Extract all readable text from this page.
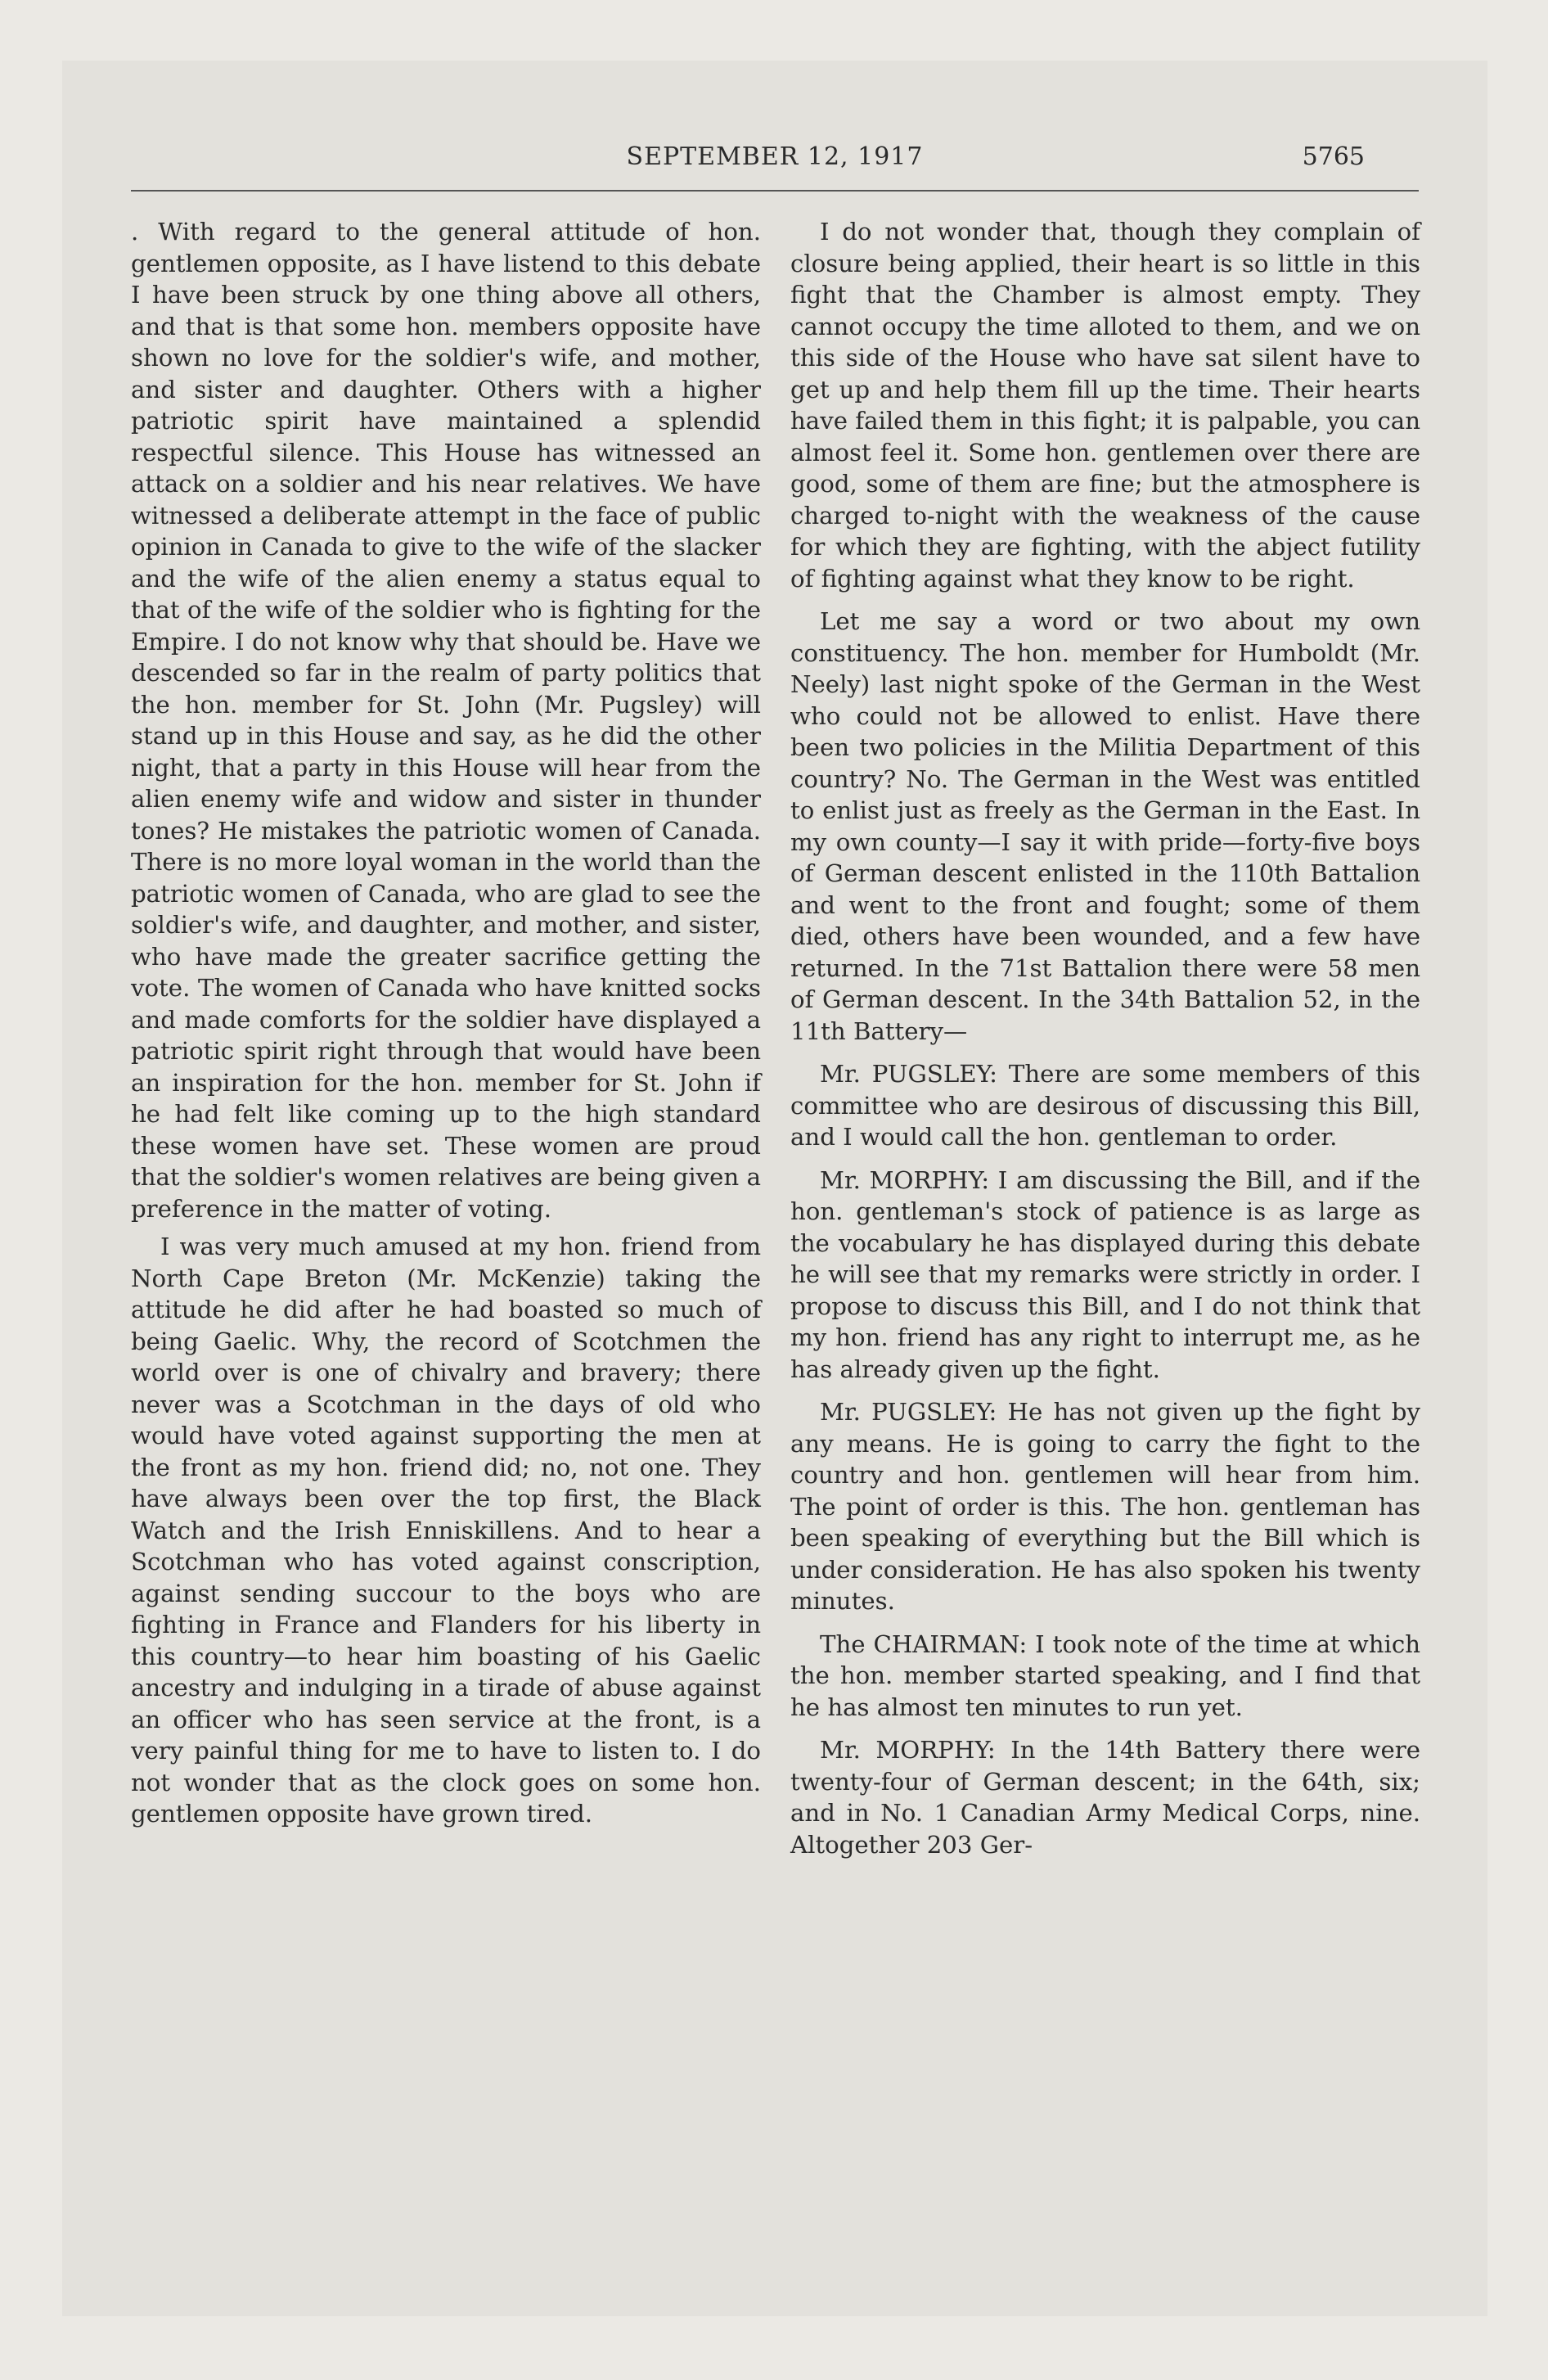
SEPTEMBER 12, 1917	5765

. With regard to the general attitude of hon. gentlemen opposite, as I have listend to this debate I have been struck by one thing above all others, and that is that some hon. members opposite have shown no love for the soldier's wife, and mother, and sister and daughter. Others with a higher patriotic spirit have maintained a splendid respectful silence. This House has witnessed an attack on a soldier and his near relatives. We have witnessed a deliberate attempt in the face of public opinion in Canada to give to the wife of the slacker and the wife of the alien enemy a status equal to that of the wife of the soldier who is fighting for the Empire. I do not know why that should be. Have we descended so far in the realm of party politics that the hon. member for St. John (Mr. Pugsley) will stand up in this House and say, as he did the other night, that a party in this House will hear from the alien enemy wife and widow and sister in thunder tones? He mistakes the patriotic women of Canada. There is no more loyal woman in the world than the patriotic women of Canada, who are glad to see the soldier's wife, and daughter, and mother, and sister, who have made the greater sacrifice getting the vote. The women of Canada who have knitted socks and made comforts for the soldier have displayed a patriotic spirit right through that would have been an inspiration for the hon. member for St. John if he had felt like coming up to the high standard these women have set. These women are proud that the soldier's women relatives are being given a preference in the matter of voting.

I was very much amused at my hon. friend from North Cape Breton (Mr. McKenzie) taking the attitude he did after he had boasted so much of being Gaelic. Why, the record of Scotchmen the world over is one of chivalry and bravery; there never was a Scotchman in the days of old who would have voted against supporting the men at the front as my hon. friend did; no, not one. They have always been over the top first, the Black Watch and the Irish Enniskillens. And to hear a Scotchman who has voted against conscription, against sending succour to the boys who are fighting in France and Flanders for his liberty in this country—to hear him boasting of his Gaelic ancestry and indulging in a tirade of abuse against an officer who has seen service at the front, is a very painful thing for me to have to listen to. I do not wonder that as the clock goes on some hon. gentlemen opposite have grown tired.

I do not wonder that, though they complain of closure being applied, their heart is so little in this fight that the Chamber is almost empty. They cannot occupy the time alloted to them, and we on this side of the House who have sat silent have to get up and help them fill up the time. Their hearts have failed them in this fight; it is palpable, you can almost feel it. Some hon. gentlemen over there are good, some of them are fine; but the atmosphere is charged to-night with the weakness of the cause for which they are fighting, with the abject futility of fighting against what they know to be right.

Let me say a word or two about my own constituency. The hon. member for Humboldt (Mr. Neely) last night spoke of the German in the West who could not be allowed to enlist. Have there been two policies in the Militia Department of this country? No. The German in the West was entitled to enlist just as freely as the German in the East. In my own county—I say it with pride—forty-five boys of German descent enlisted in the 110th Battalion and went to the front and fought; some of them died, others have been wounded, and a few have returned. In the 71st Battalion there were 58 men of German descent. In the 34th Battalion 52, in the 11th Battery—

Mr. PUGSLEY: There are some members of this committee who are desirous of discussing this Bill, and I would call the hon. gentleman to order.

Mr. MORPHY: I am discussing the Bill, and if the hon. gentleman's stock of patience is as large as the vocabulary he has displayed during this debate he will see that my remarks were strictly in order. I propose to discuss this Bill, and I do not think that my hon. friend has any right to interrupt me, as he has already given up the fight.

Mr. PUGSLEY: He has not given up the fight by any means. He is going to carry the fight to the country and hon. gentlemen will hear from him. The point of order is this. The hon. gentleman has been speaking of everything but the Bill which is under consideration. He has also spoken his twenty minutes.

The CHAIRMAN: I took note of the time at which the hon. member started speaking, and I find that he has almost ten minutes to run yet.

Mr. MORPHY: In the 14th Battery there were twenty-four of German descent; in the 64th, six; and in No. 1 Canadian Army Medical Corps, nine. Altogether 203 Ger-
